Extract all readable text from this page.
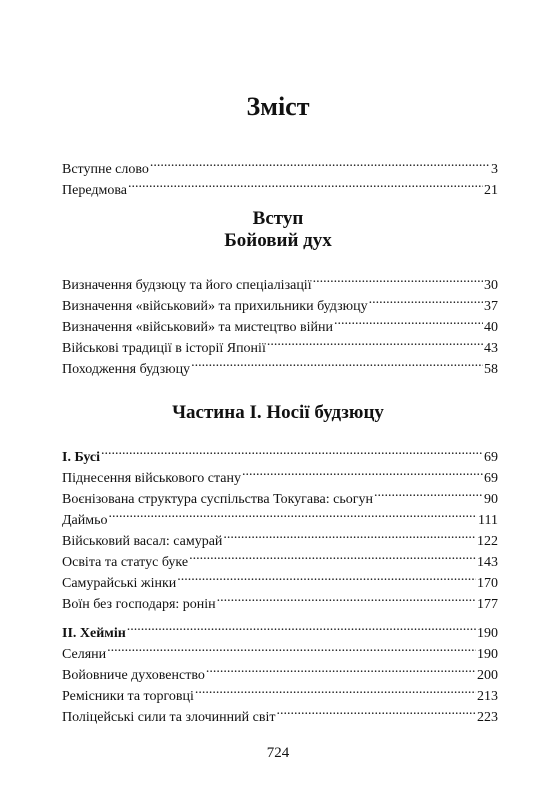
Зміст
Вступне слово .....	3
Передмова .....	21
Вступ
Бойовий дух
Визначення будзюцу та його спеціалізації .....	30
Визначення «військовий» та прихильники будзюцу .....	37
Визначення «військовий» та мистецтво війни .....	40
Військові традиції в історії Японії .....	43
Походження будзюцу .....	58
Частина І. Носії будзюцу
І. Бусі .....	69
Піднесення військового стану .....	69
Воєнізована структура суспільства Токугава: сьогун .....	90
Даймьо .....	111
Військовий васал: самурай .....	122
Освіта та статус буке .....	143
Самурайські жінки .....	170
Воїн без господаря: ронін .....	177
ІІ. Хеймін .....	190
Селяни .....	190
Войовниче духовенство .....	200
Ремісники та торговці .....	213
Поліцейські сили та злочинний світ .....	223
724
